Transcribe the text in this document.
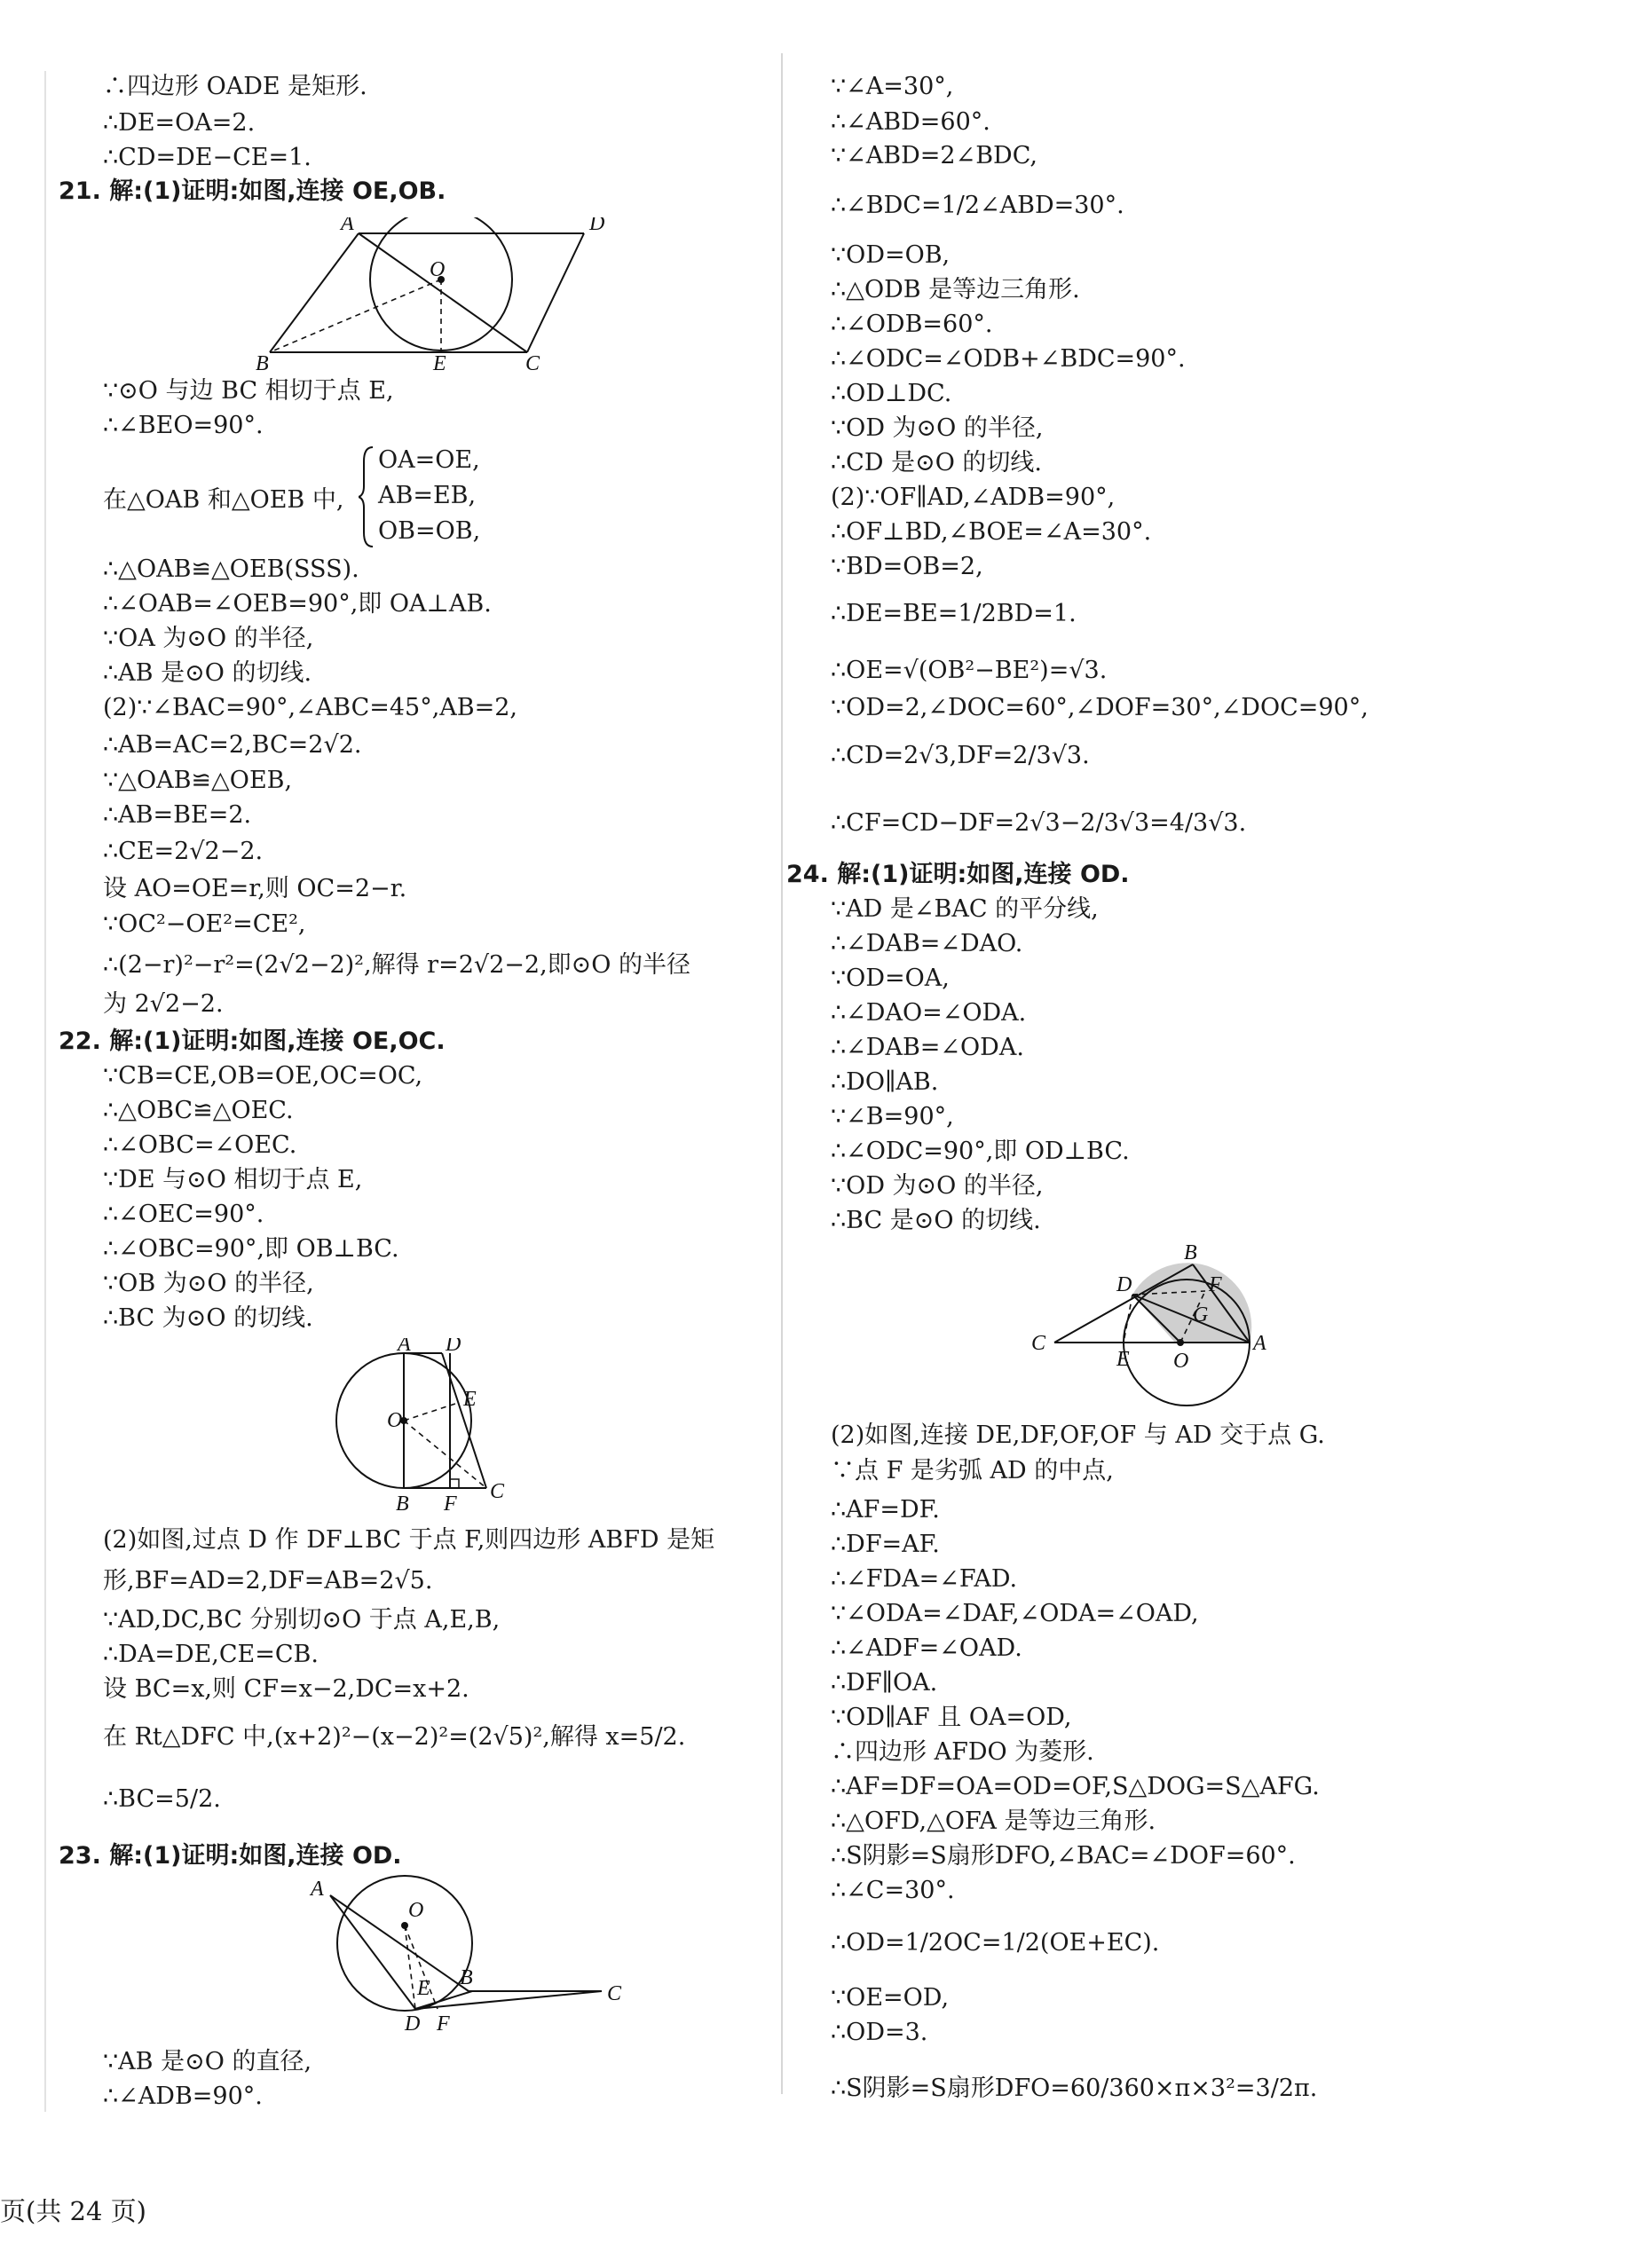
∴四边形 OADE 是矩形.
∴DE=OA=2.
∴CD=DE−CE=1.
21. 解:(1)证明:如图,连接 OE,OB.
A	D
O
B	E	C
∵⊙O 与边 BC 相切于点 E,
∴∠BEO=90°.
在△OAB 和△OEB 中,
OA=OE,
AB=EB,
OB=OB,
∴△OAB≌△OEB(SSS).
∴∠OAB=∠OEB=90°,即 OA⊥AB.
∵OA 为⊙O 的半径,
∴AB 是⊙O 的切线.
(2)∵∠BAC=90°,∠ABC=45°,AB=2,
∴AB=AC=2,BC=2√2.
∵△OAB≌△OEB,
∴AB=BE=2.
∴CE=2√2−2.
设 AO=OE=r,则 OC=2−r.
∵OC²−OE²=CE²,
∴(2−r)²−r²=(2√2−2)²,解得 r=2√2−2,即⊙O 的半径
为 2√2−2.
22. 解:(1)证明:如图,连接 OE,OC.
∵CB=CE,OB=OE,OC=OC,
∴△OBC≌△OEC.
∴∠OBC=∠OEC.
∵DE 与⊙O 相切于点 E,
∴∠OEC=90°.
∴∠OBC=90°,即 OB⊥BC.
∵OB 为⊙O 的半径,
∴BC 为⊙O 的切线.
A D
E
O
B F
C
(2)如图,过点 D 作 DF⊥BC 于点 F,则四边形 ABFD 是矩
形,BF=AD=2,DF=AB=2√5.
∵AD,DC,BC 分别切⊙O 于点 A,E,B,
∴DA=DE,CE=CB.
设 BC=x,则 CF=x−2,DC=x+2.
在 Rt△DFC 中,(x+2)²−(x−2)²=(2√5)²,解得 x=5/2.
∴BC=5/2.
23. 解:(1)证明:如图,连接 OD.
A
O
E B
C
D F
∵AB 是⊙O 的直径,
∴∠ADB=90°.
∵∠A=30°,
∴∠ABD=60°.
∵∠ABD=2∠BDC,
∴∠BDC=1/2∠ABD=30°.
∵OD=OB,
∴△ODB 是等边三角形.
∴∠ODB=60°.
∴∠ODC=∠ODB+∠BDC=90°.
∴OD⊥DC.
∵OD 为⊙O 的半径,
∴CD 是⊙O 的切线.
(2)∵OF∥AD,∠ADB=90°,
∴OF⊥BD,∠BOE=∠A=30°.
∵BD=OB=2,
∴DE=BE=1/2BD=1.
∴OE=√(OB²−BE²)=√3.
∵OD=2,∠DOC=60°,∠DOF=30°,∠DOC=90°,
∴CD=2√3,DF=2/3√3.
∴CF=CD−DF=2√3−2/3√3=4/3√3.
24. 解:(1)证明:如图,连接 OD.
∵AD 是∠BAC 的平分线,
∴∠DAB=∠DAO.
∵OD=OA,
∴∠DAO=∠ODA.
∴∠DAB=∠ODA.
∴DO∥AB.
∵∠B=90°,
∴∠ODC=90°,即 OD⊥BC.
∵OD 为⊙O 的半径,
∴BC 是⊙O 的切线.
B
D	F
G
C
E O
A
(2)如图,连接 DE,DF,OF,OF 与 AD 交于点 G.
∵点 F 是劣弧 AD 的中点,
∴AF=DF.
∴DF=AF.
∴∠FDA=∠FAD.
∵∠ODA=∠DAF,∠ODA=∠OAD,
∴∠ADF=∠OAD.
∴DF∥OA.
∵OD∥AF 且 OA=OD,
∴四边形 AFDO 为菱形.
∴AF=DF=OA=OD=OF,S△DOG=S△AFG.
∴△OFD,△OFA 是等边三角形.
∴S阴影=S扇形DFO,∠BAC=∠DOF=60°.
∴∠C=30°.
∴OD=1/2OC=1/2(OE+EC).
∵OE=OD,
∴OD=3.
∴S阴影=S扇形DFO=60/360×π×3²=3/2π.
页(共 24 页)
